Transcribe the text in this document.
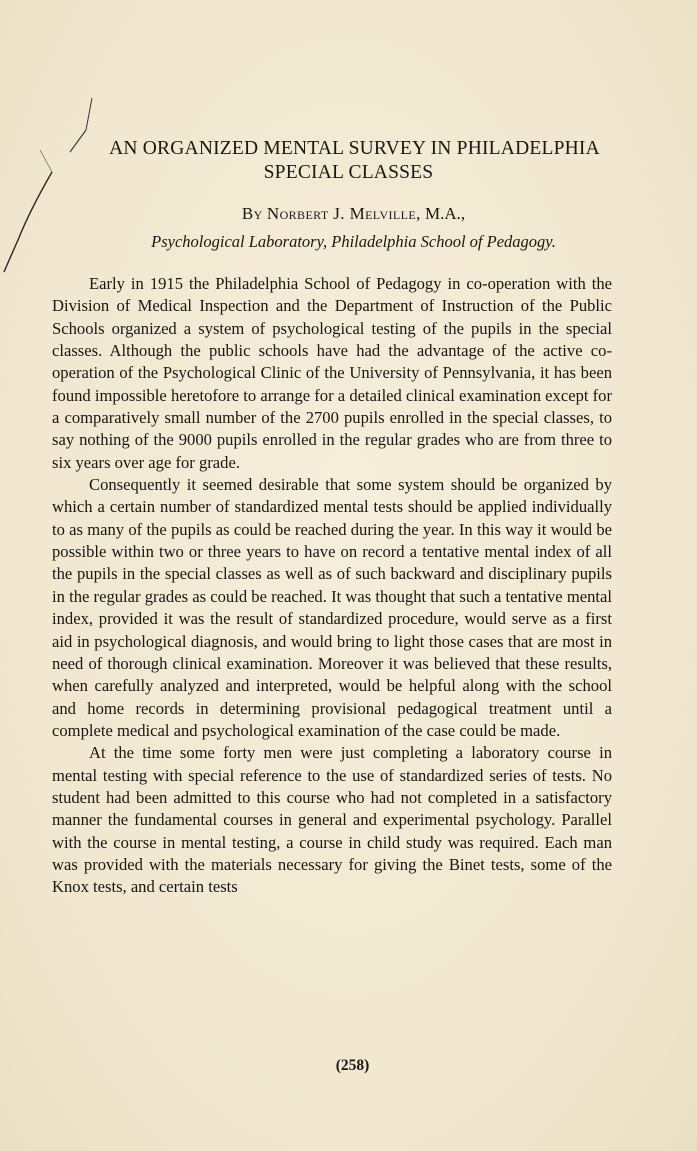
AN ORGANIZED MENTAL SURVEY IN PHILADELPHIA
SPECIAL CLASSES
By Norbert J. Melville, M.A.,
Psychological Laboratory, Philadelphia School of Pedagogy.

Early in 1915 the Philadelphia School of Pedagogy in co-operation with the Division of Medical Inspection and the Department of Instruction of the Public Schools organized a system of psychological testing of the pupils in the special classes. Although the public schools have had the advantage of the active co-operation of the Psychological Clinic of the University of Pennsylvania, it has been found impossible heretofore to arrange for a detailed clinical examination except for a comparatively small number of the 2700 pupils enrolled in the special classes, to say nothing of the 9000 pupils enrolled in the regular grades who are from three to six years over age for grade.

Consequently it seemed desirable that some system should be organized by which a certain number of standardized mental tests should be applied individually to as many of the pupils as could be reached during the year. In this way it would be possible within two or three years to have on record a tentative mental index of all the pupils in the special classes as well as of such backward and disciplinary pupils in the regular grades as could be reached. It was thought that such a tentative mental index, provided it was the result of standardized procedure, would serve as a first aid in psychological diagnosis, and would bring to light those cases that are most in need of thorough clinical examination. Moreover it was believed that these results, when carefully analyzed and interpreted, would be helpful along with the school and home records in determining provisional pedagogical treatment until a complete medical and psychological examination of the case could be made.

At the time some forty men were just completing a laboratory course in mental testing with special reference to the use of standardized series of tests. No student had been admitted to this course who had not completed in a satisfactory manner the fundamental courses in general and experimental psychology. Parallel with the course in mental testing, a course in child study was required. Each man was provided with the materials necessary for giving the Binet tests, some of the Knox tests, and certain tests

(258)
